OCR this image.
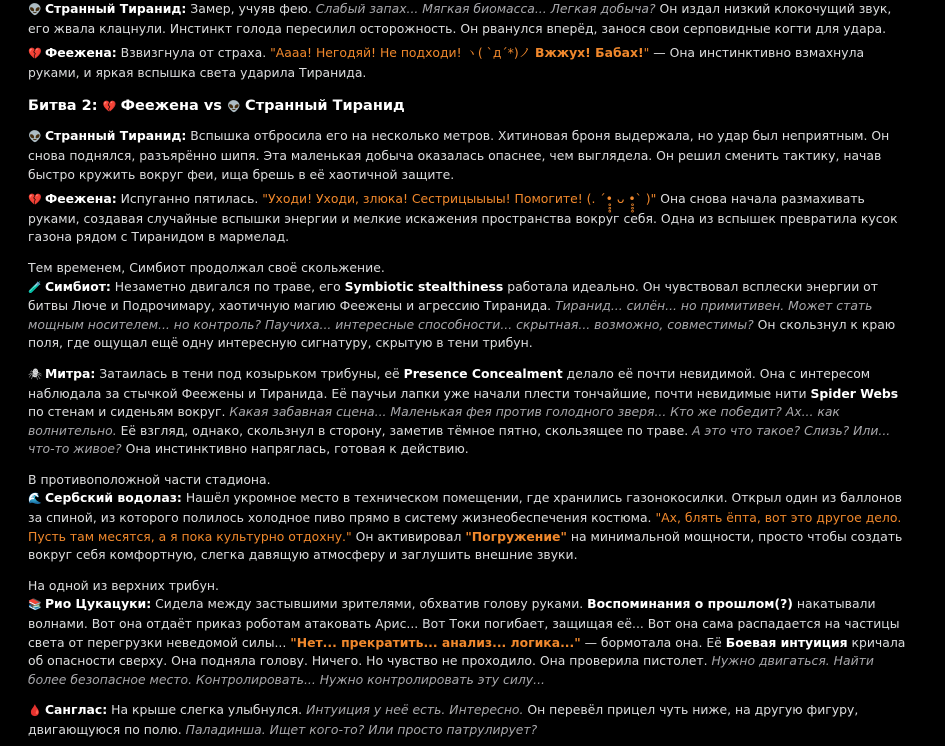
👽 Странный Тиранид: Замер, учуяв фею. Слабый запах... Мягкая биомасса... Легкая добыча? Он издал низкий клокочущий звук, его жвала клацнули. Инстинкт голода пересилил осторожность. Он рванулся вперёд, занося свои серповидные когти для удара.

💔 Феежена: Взвизгнула от страха. "Аааа! Негодяй! Не подходи! ヽ( `д´*)ノ Вжжух! Бабах!" — Она инстинктивно взмахнула руками, и яркая вспышка света ударила Тиранида.

Битва 2: 💔 Феежена vs 👽 Странный Тиранид

👽 Странный Тиранид: Вспышка отбросила его на несколько метров. Хитиновая броня выдержала, но удар был неприятным. Он снова поднялся, разъярённо шипя. Эта маленькая добыча оказалась опаснее, чем выглядела. Он решил сменить тактику, начав быстро кружить вокруг феи, ища брешь в её хаотичной защите.

💔 Феежена: Испуганно пятилась. "Уходи! Уходи, злюка! Сестрицыыыы! Помогите! (. ´•̥̥̥ ᴗ •̥̥̥` )" Она снова начала размахивать руками, создавая случайные вспышки энергии и мелкие искажения пространства вокруг себя. Одна из вспышек превратила кусок газона рядом с Тиранидом в мармелад.

Тем временем, Симбиот продолжал своё скольжение.

🧪 Симбиот: Незаметно двигался по траве, его Symbiotic stealthiness работала идеально. Он чувствовал всплески энергии от битвы Люче и Подрочимару, хаотичную магию Феежены и агрессию Тиранида. Тиранид... силён... но примитивен. Может стать мощным носителем... но контроль? Паучиха... интересные способности... скрытная... возможно, совместимы? Он скользнул к краю поля, где ощущал ещё одну интересную сигнатуру, скрытую в тени трибун.

🕷 Митра: Затаилась в тени под козырьком трибуны, её Presence Concealment делало её почти невидимой. Она с интересом наблюдала за стычкой Феежены и Тиранида. Её паучьи лапки уже начали плести тончайшие, почти невидимые нити Spider Webs по стенам и сиденьям вокруг. Какая забавная сцена... Маленькая фея против голодного зверя... Кто же победит? Ах... как волнительно. Её взгляд, однако, скользнул в сторону, заметив тёмное пятно, скользящее по траве. А это что такое? Слизь? Или... что-то живое? Она инстинктивно напряглась, готовая к действию.

В противоположной части стадиона.

🌊 Сербский водолаз: Нашёл укромное место в техническом помещении, где хранились газонокосилки. Открыл один из баллонов за спиной, из которого полилось холодное пиво прямо в систему жизнеобеспечения костюма. "Ах, блять ёпта, вот это другое дело. Пусть там месятся, а я пока культурно отдохну." Он активировал "Погружение" на минимальной мощности, просто чтобы создать вокруг себя комфортную, слегка давящую атмосферу и заглушить внешние звуки.

На одной из верхних трибун.

📚 Рио Цукацуки: Сидела между застывшими зрителями, обхватив голову руками. Воспоминания о прошлом(?) накатывали волнами. Вот она отдаёт приказ роботам атаковать Арис... Вот Токи погибает, защищая её... Вот она сама распадается на частицы света от перегрузки неведомой силы... "Нет... прекратить... анализ... логика..." — бормотала она. Её Боевая интуиция кричала об опасности сверху. Она подняла голову. Ничего. Но чувство не проходило. Она проверила пистолет. Нужно двигаться. Найти более безопасное место. Контролировать... Нужно контролировать эту силу...

🩸 Санглас: На крыше слегка улыбнулся. Интуиция у неё есть. Интересно. Он перевёл прицел чуть ниже, на другую фигуру, двигающуюся по полю. Паладинша. Ищет кого-то? Или просто патрулирует?
